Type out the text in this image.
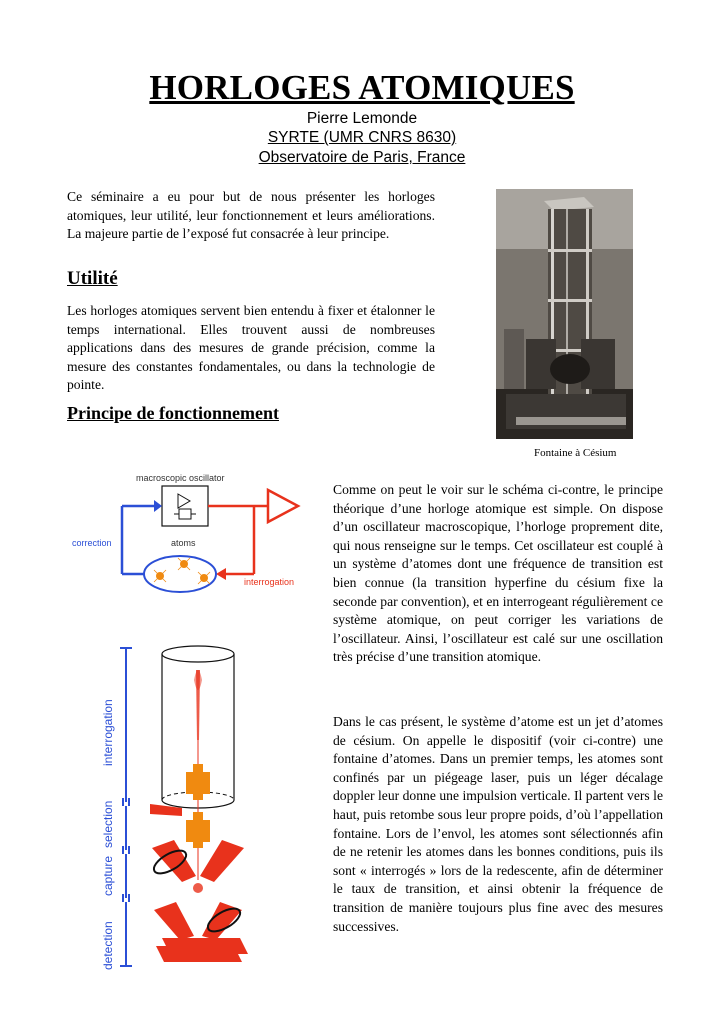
HORLOGES ATOMIQUES
Pierre Lemonde
SYRTE (UMR CNRS 8630)
Observatoire de Paris, France
Ce séminaire a eu pour but de nous présenter les horloges atomiques, leur utilité, leur fonctionnement et leurs améliorations. La majeure partie de l’exposé fut consacrée à leur principe.
Utilité
Les horloges atomiques servent bien entendu à fixer et étalonner le temps international. Elles trouvent aussi de nombreuses applications dans des mesures de grande précision, comme la mesure des constantes fondamentales, ou dans la technologie de pointe.
Principe de fonctionnement
Fontaine à Césium
macroscopic oscillator
interrogation
correction	atoms
interrogation
selection
capture
detection
Comme on peut le voir sur le schéma ci-contre, le principe théorique d’une horloge atomique est simple. On dispose d’un oscillateur macroscopique, l’horloge proprement dite, qui nous renseigne sur le temps. Cet oscillateur est couplé à un système d’atomes dont une fréquence de transition est bien connue (la transition hyperfine du césium fixe la seconde par convention), et en interrogeant régulièrement ce système atomique, on peut corriger les variations de l’oscillateur. Ainsi, l’oscillateur est calé sur une oscillation très précise d’une transition atomique.
Dans le cas présent, le système d’atome est un jet d’atomes de césium. On appelle le dispositif (voir ci-contre) une fontaine d’atomes. Dans un premier temps, les atomes sont confinés par un piégeage laser, puis un léger décalage doppler leur donne une impulsion verticale. Il partent vers le haut, puis retombe sous leur propre poids, d’où l’appellation fontaine. Lors de l’envol, les atomes sont sélectionnés afin de ne retenir les atomes dans les bonnes conditions, puis ils sont « interrogés » lors de la redescente, afin de déterminer le taux de transition, et ainsi obtenir la fréquence de transition de manière toujours plus fine avec des mesures successives.
